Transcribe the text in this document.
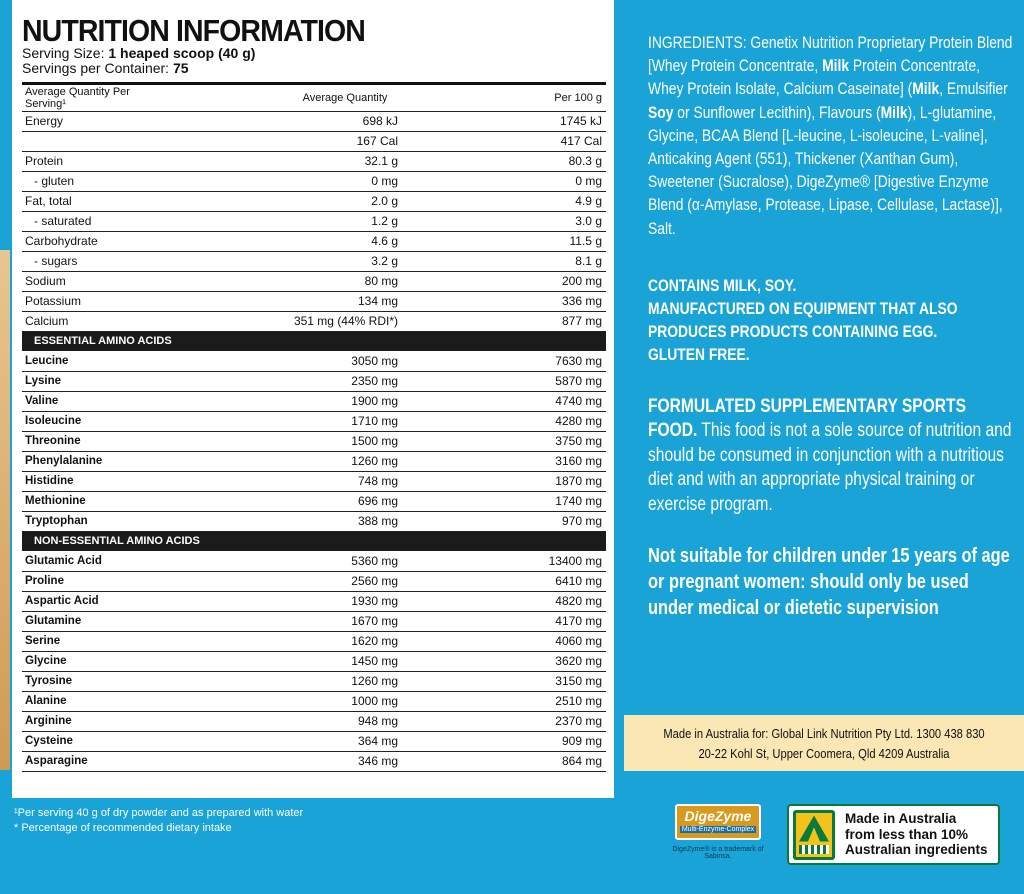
NUTRITION INFORMATION
Serving Size: 1 heaped scoop (40 g)
Servings per Container: 75
Average Quantity Per Serving¹	Average Quantity	Per 100 g
Energy	698 kJ	1745 kJ
	167 Cal	417 Cal
Protein	32.1 g	80.3 g
- gluten	0 mg	0 mg
Fat, total	2.0 g	4.9 g
- saturated	1.2 g	3.0 g
Carbohydrate	4.6 g	11.5 g
- sugars	3.2 g	8.1 g
Sodium	80 mg	200 mg
Potassium	134 mg	336 mg
Calcium	351 mg (44% RDI*)	877 mg
ESSENTIAL AMINO ACIDS		
Leucine	3050 mg	7630 mg
Lysine	2350 mg	5870 mg
Valine	1900 mg	4740 mg
Isoleucine	1710 mg	4280 mg
Threonine	1500 mg	3750 mg
Phenylalanine	1260 mg	3160 mg
Histidine	748 mg	1870 mg
Methionine	696 mg	1740 mg
Tryptophan	388 mg	970 mg
NON-ESSENTIAL AMINO ACIDS		
Glutamic Acid	5360 mg	13400 mg
Proline	2560 mg	6410 mg
Aspartic Acid	1930 mg	4820 mg
Glutamine	1670 mg	4170 mg
Serine	1620 mg	4060 mg
Glycine	1450 mg	3620 mg
Tyrosine	1260 mg	3150 mg
Alanine	1000 mg	2510 mg
Arginine	948 mg	2370 mg
Cysteine	364 mg	909 mg
Asparagine	346 mg	864 mg
¹Per serving 40 g of dry powder and as prepared with water
* Percentage of recommended dietary intake
INGREDIENTS: Genetix Nutrition Proprietary Protein Blend [Whey Protein Concentrate, Milk Protein Concentrate, Whey Protein Isolate, Calcium Caseinate] (Milk, Emulsifier Soy or Sunflower Lecithin), Flavours (Milk), L-glutamine, Glycine, BCAA Blend [L-leucine, L-isoleucine, L-valine], Anticaking Agent (551), Thickener (Xanthan Gum), Sweetener (Sucralose), DigeZyme® [Digestive Enzyme Blend (α-Amylase, Protease, Lipase, Cellulase, Lactase)], Salt.
CONTAINS MILK, SOY.
MANUFACTURED ON EQUIPMENT THAT ALSO
PRODUCES PRODUCTS CONTAINING EGG.
GLUTEN FREE.
FORMULATED SUPPLEMENTARY SPORTS FOOD. This food is not a sole source of nutrition and should be consumed in conjunction with a nutritious diet and with an appropriate physical training or exercise program.
Not suitable for children under 15 years of age or pregnant women: should only be used under medical or dietetic supervision
Made in Australia for: Global Link Nutrition Pty Ltd. 1300 438 830
20-22 Kohl St, Upper Coomera, Qld 4209 Australia
DigeZyme
Multi-Enzyme-Complex
DigeZyme® is a trademark of Sabinsa.
Made in Australia
from less than 10%
Australian ingredients
